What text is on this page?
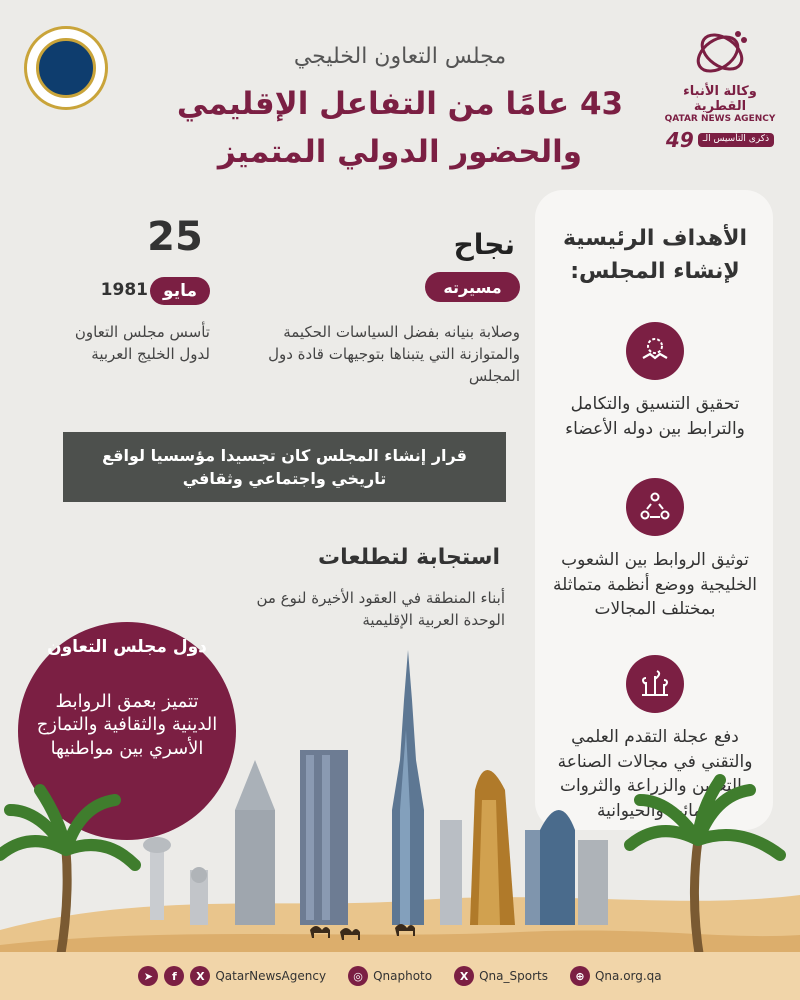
وكالة الأنباء القطرية
QATAR NEWS AGENCY
49	ذكرى التأسيس الـ
مجلس التعاون الخليجي
43 عامًا من التفاعل الإقليمي
والحضور الدولي المتميز
الأهداف الرئيسية لإنشاء المجلس:
تحقيق التنسيق والتكامل والترابط بين دوله الأعضاء
توثيق الروابط بين الشعوب الخليجية ووضع أنظمة متماثلة بمختلف المجالات
دفع عجلة التقدم العلمي والتقني في مجالات الصناعة والتعدين والزراعة والثروات المائية والحيوانية
نجاح
مسيرته
وصلابة بنيانه بفضل السياسات الحكيمة والمتوازنة التي يتبناها بتوجيهات قادة دول المجلس
25
مايو
1981
تأسس مجلس التعاون لدول الخليج العربية
قرار إنشاء المجلس كان تجسيدا مؤسسيا لواقع تاريخي واجتماعي وثقافي
استجابة لتطلعات
أبناء المنطقة في العقود الأخيرة لنوع من الوحدة العربية الإقليمية
دول مجلس التعاون
تتميز بعمق الروابط الدينية والثقافية والتمازج الأسري بين مواطنيها
➤	f	X QatarNewsAgency	◎ Qnaphoto	X Qna_Sports	⊕ Qna.org.qa
